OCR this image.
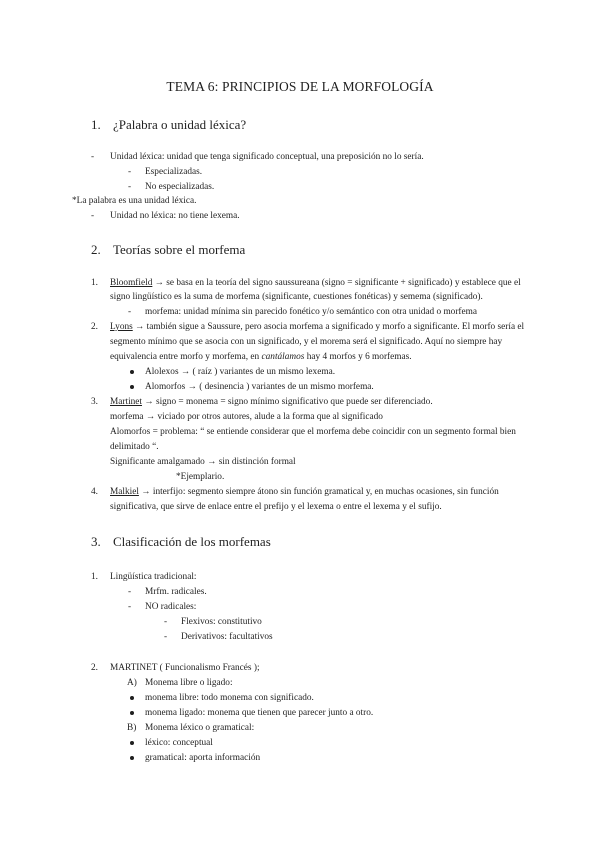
TEMA 6: PRINCIPIOS DE LA MORFOLOGÍA
1. ¿Palabra o unidad léxica?
- Unidad léxica: unidad que tenga significado conceptual, una preposición no lo sería.
- Especializadas.
- No especializadas.
*La palabra es una unidad léxica.
- Unidad no léxica: no tiene lexema.
2. Teorías sobre el morfema
1. Bloomfield → se basa en la teoría del signo saussureana (signo = significante + significado) y establece que el
signo lingüístico es la suma de morfema (significante, cuestiones fonéticas) y semema (significado).
- morfema: unidad mínima sin parecido fonético y/o semántico con otra unidad o morfema
2. Lyons → también sigue a Saussure, pero asocia morfema a significado y morfo a significante. El morfo sería el
segmento mínimo que se asocia con un significado, y el morema será el significado. Aquí no siempre hay
equivalencia entre morfo y morfema, en cantálamos hay 4 morfos y 6 morfemas.
Alolexos → ( raíz ) variantes de un mismo lexema.
Alomorfos → ( desinencia ) variantes de un mismo morfema.
3. Martinet → signo = monema = signo mínimo significativo que puede ser diferenciado.
morfema → viciado por otros autores, alude a la forma que al significado
Alomorfos = problema: “ se entiende considerar que el morfema debe coincidir con un segmento formal bien
delimitado “.
Significante amalgamado → sin distinción formal
*Ejemplario.
4. Malkiel → interfijo: segmento siempre átono sin función gramatical y, en muchas ocasiones, sin función
significativa, que sirve de enlace entre el prefijo y el lexema o entre el lexema y el sufijo.
3. Clasificación de los morfemas
1. Lingüística tradicional:
- Mrfm. radicales.
- NO radicales:
- Flexivos: constitutivo
- Derivativos: facultativos
2. MARTINET ( Funcionalismo Francés );
A) Monema libre o ligado:
monema libre: todo monema con significado.
monema ligado: monema que tienen que parecer junto a otro.
B) Monema léxico o gramatical:
léxico: conceptual
gramatical: aporta información
